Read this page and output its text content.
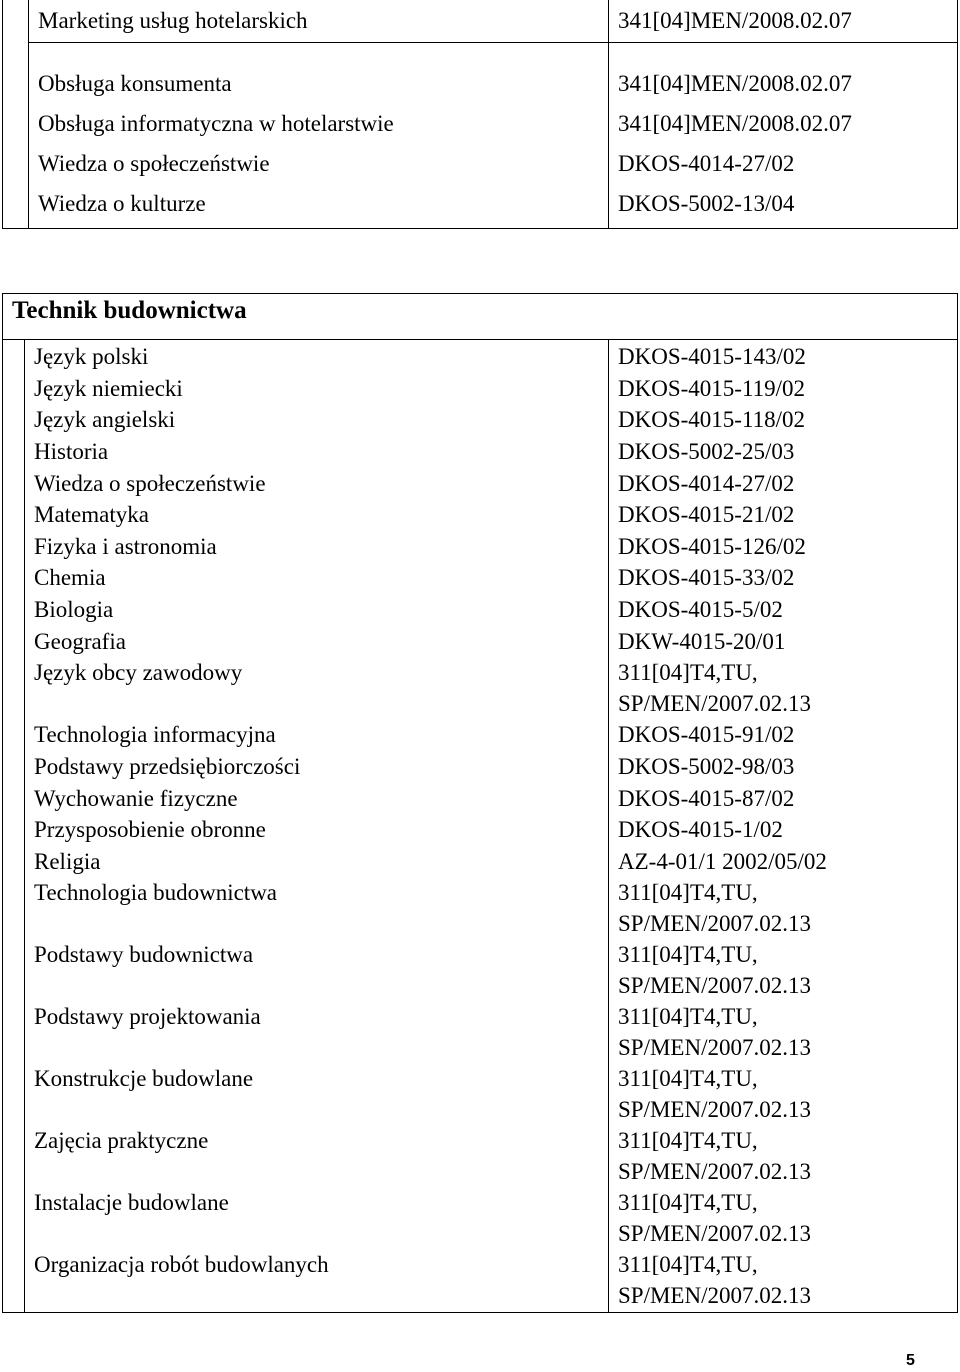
Marketing usług hotelarskich	341[04]MEN/2008.02.07
Obsługa konsumenta	341[04]MEN/2008.02.07
Obsługa informatyczna w hotelarstwie	341[04]MEN/2008.02.07
Wiedza o społeczeństwie	DKOS-4014-27/02
Wiedza o kulturze	DKOS-5002-13/04
Technik budownictwa
Język polski	DKOS-4015-143/02
Język niemiecki	DKOS-4015-119/02
Język angielski	DKOS-4015-118/02
Historia	DKOS-5002-25/03
Wiedza o społeczeństwie	DKOS-4014-27/02
Matematyka	DKOS-4015-21/02
Fizyka i astronomia	DKOS-4015-126/02
Chemia	DKOS-4015-33/02
Biologia	DKOS-4015-5/02
Geografia	DKW-4015-20/01
Język obcy zawodowy	311[04]T4,TU,
SP/MEN/2007.02.13
Technologia informacyjna	DKOS-4015-91/02
Podstawy przedsiębiorczości	DKOS-5002-98/03
Wychowanie fizyczne	DKOS-4015-87/02
Przysposobienie obronne	DKOS-4015-1/02
Religia	AZ-4-01/1 2002/05/02
Technologia budownictwa	311[04]T4,TU,
SP/MEN/2007.02.13
Podstawy budownictwa	311[04]T4,TU,
SP/MEN/2007.02.13
Podstawy projektowania	311[04]T4,TU,
SP/MEN/2007.02.13
Konstrukcje budowlane	311[04]T4,TU,
SP/MEN/2007.02.13
Zajęcia praktyczne	311[04]T4,TU,
SP/MEN/2007.02.13
Instalacje budowlane	311[04]T4,TU,
SP/MEN/2007.02.13
Organizacja robót budowlanych	311[04]T4,TU,
SP/MEN/2007.02.13
5
